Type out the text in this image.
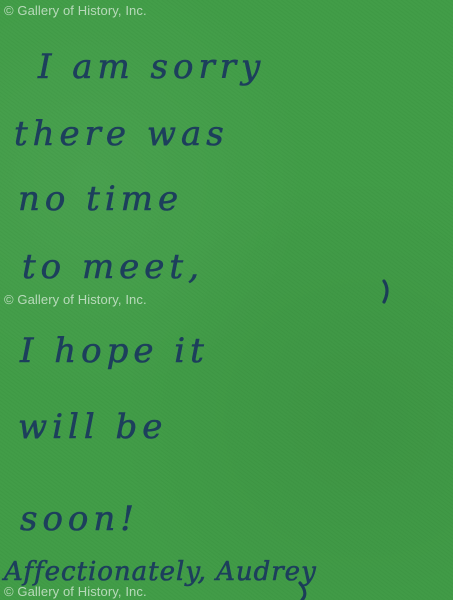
© Gallery of History, Inc.

© Gallery of History, Inc.

© Gallery of History, Inc.

I am sorry
there was
no time
to meet,
I hope it
will be
soon!
Affectionately, Audrey
